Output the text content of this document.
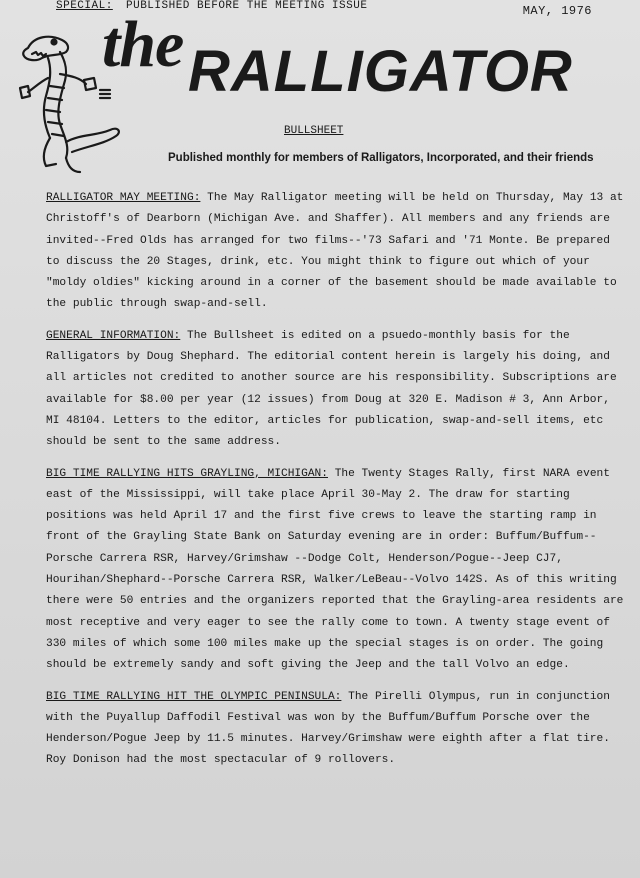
SPECIAL: PUBLISHED BEFORE THE MEETING ISSUE	MAY, 1976
the RALLIGATOR
BULLSHEET
Published monthly for members of Ralligators, Incorporated, and their friends

RALLIGATOR MAY MEETING: The May Ralligator meeting will be held on Thursday, May 13 at Christoff's of Dearborn (Michigan Ave. and Shaffer). All members and any friends are invited--Fred Olds has arranged for two films--'73 Safari and '71 Monte. Be prepared to discuss the 20 Stages, drink, etc. You might think to figure out which of your "moldy oldies" kicking around in a corner of the basement should be made available to the public through swap-and-sell.

GENERAL INFORMATION: The Bullsheet is edited on a psuedo-monthly basis for the Ralligators by Doug Shephard. The editorial content herein is largely his doing, and all articles not credited to another source are his responsibility. Subscriptions are available for $8.00 per year (12 issues) from Doug at 320 E. Madison # 3, Ann Arbor, MI 48104. Letters to the editor, articles for publication, swap-and-sell items, etc should be sent to the same address.

BIG TIME RALLYING HITS GRAYLING, MICHIGAN: The Twenty Stages Rally, first NARA event east of the Mississippi, will take place April 30-May 2. The draw for starting positions was held April 17 and the first five crews to leave the starting ramp in front of the Grayling State Bank on Saturday evening are in order: Buffum/Buffum--Porsche Carrera RSR, Harvey/Grimshaw --Dodge Colt, Henderson/Pogue--Jeep CJ7, Hourihan/Shephard--Porsche Carrera RSR, Walker/LeBeau--Volvo 142S. As of this writing there were 50 entries and the organizers reported that the Grayling-area residents are most receptive and very eager to see the rally come to town. A twenty stage event of 330 miles of which some 100 miles make up the special stages is on order. The going should be extremely sandy and soft giving the Jeep and the tall Volvo an edge.

BIG TIME RALLYING HIT THE OLYMPIC PENINSULA: The Pirelli Olympus, run in conjunction with the Puyallup Daffodil Festival was won by the Buffum/Buffum Porsche over the Henderson/Pogue Jeep by 11.5 minutes. Harvey/Grimshaw were eighth after a flat tire. Roy Donison had the most spectacular of 9 rollovers.
